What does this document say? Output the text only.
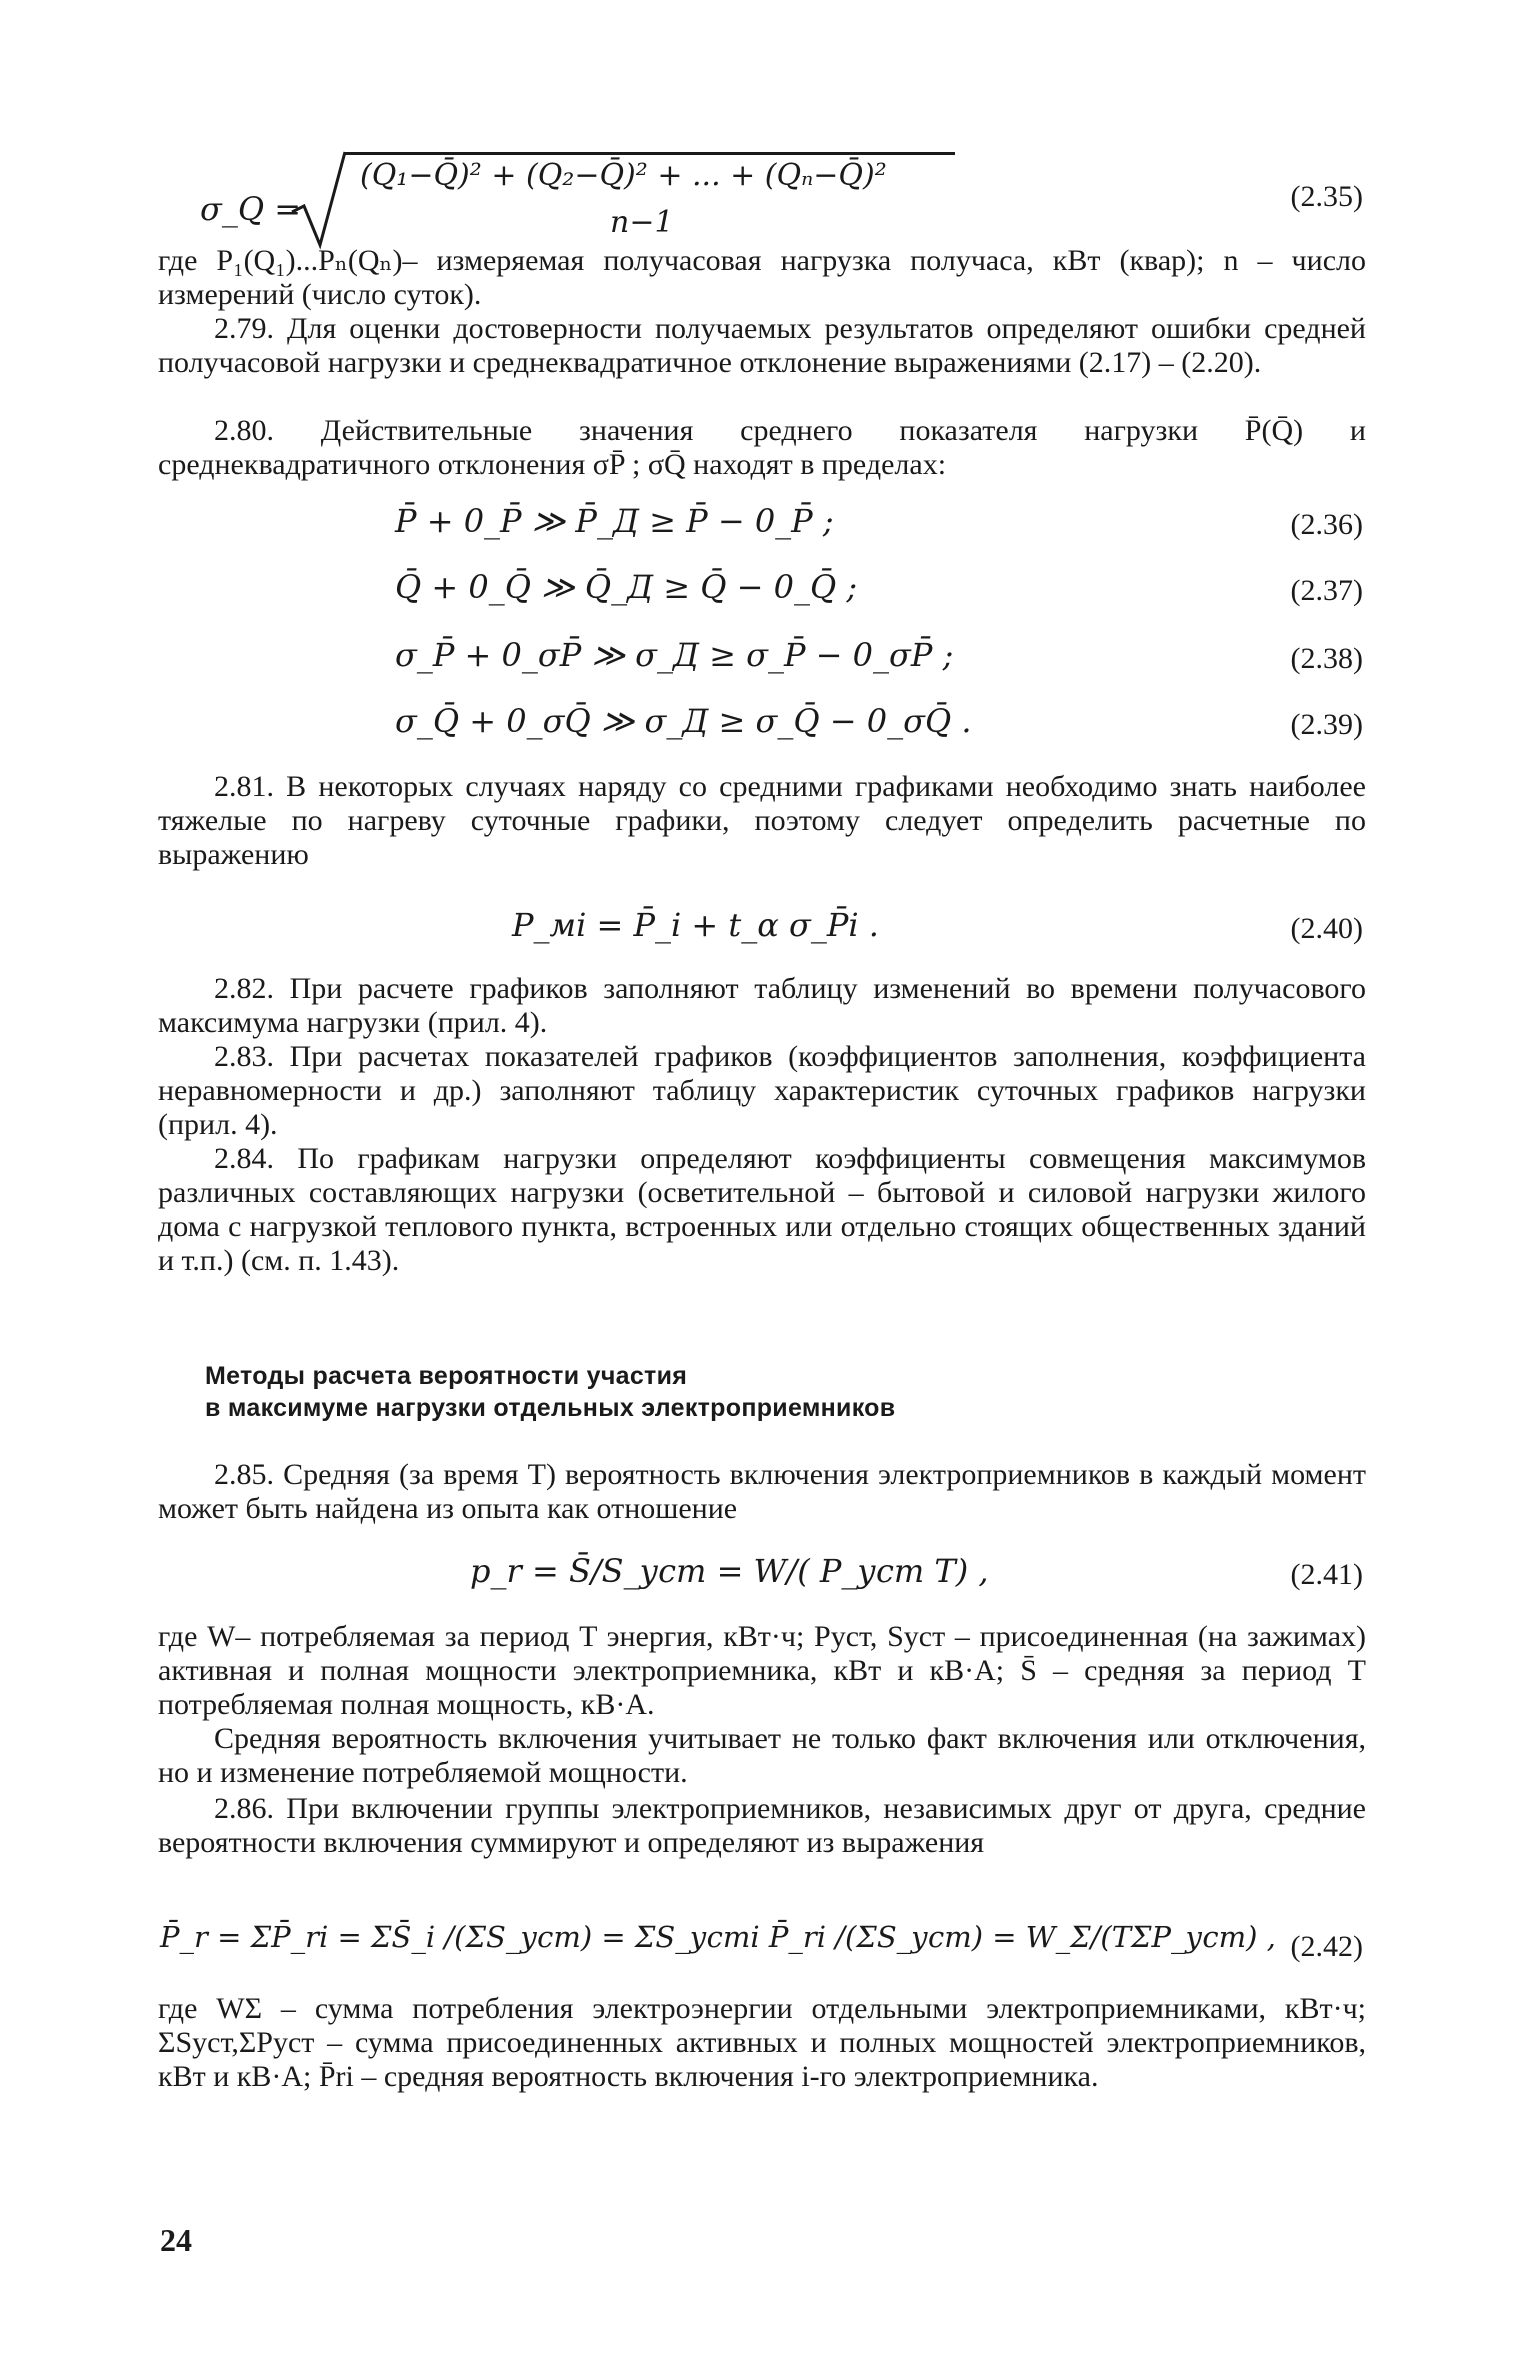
σ_Q =
(Q₁−Q̄)² + (Q₂−Q̄)² + ... + (Qₙ−Q̄)²
n−1
(2.35)
где P₁(Q₁)...Pₙ(Qₙ)– измеряемая получасовая нагрузка получаса, кВт (квар); n – число измерений (число суток).
2.79. Для оценки достоверности получаемых результатов определяют ошибки средней получасовой нагрузки и среднеквадратичное отклонение выражениями (2.17) – (2.20).
2.80. Действительные значения среднего показателя нагрузки P̄(Q̄) и среднеквадратичного отклонения σP̄ ; σQ̄ находят в пределах:
P̄ + 0_P̄ ≫ P̄_Д ≥ P̄ − 0_P̄ ;	(2.36)
Q̄ + 0_Q̄ ≫ Q̄_Д ≥ Q̄ − 0_Q̄ ;	(2.37)
σ_P̄ + 0_σP̄ ≫ σ_Д ≥ σ_P̄ − 0_σP̄ ;	(2.38)
σ_Q̄ + 0_σQ̄ ≫ σ_Д ≥ σ_Q̄ − 0_σQ̄ .	(2.39)
2.81. В некоторых случаях наряду со средними графиками необходимо знать наиболее тяжелые по нагреву суточные графики, поэтому следует определить расчетные по выражению
P_мi = P̄_i + t_α σ_P̄i .	(2.40)
2.82. При расчете графиков заполняют таблицу изменений во времени получасового максимума нагрузки (прил. 4).
2.83. При расчетах показателей графиков (коэффициентов заполнения, коэффициента неравномерности и др.) заполняют таблицу характеристик суточных графиков нагрузки (прил. 4).
2.84. По графикам нагрузки определяют коэффициенты совмещения максимумов различных составляющих нагрузки (осветительной – бытовой и силовой нагрузки жилого дома с нагрузкой теплового пункта, встроенных или отдельно стоящих общественных зданий и т.п.) (см. п. 1.43).
Методы расчета вероятности участия
в максимуме нагрузки отдельных электроприемников
2.85. Средняя (за время T) вероятность включения электроприемников в каждый момент может быть найдена из опыта как отношение
p_r = S̄/S_уст = W/( P_уст T) ,	(2.41)
где W– потребляемая за период T энергия, кВт·ч; Pуст, Sуст – присоединенная (на зажимах) активная и полная мощности электроприемника, кВт и кВ·А; S̄ – средняя за период T потребляемая полная мощность, кВ·А.
Средняя вероятность включения учитывает не только факт включения или отключения, но и изменение потребляемой мощности.
2.86. При включении группы электроприемников, независимых друг от друга, средние вероятности включения суммируют и определяют из выражения
P̄_r = ΣP̄_ri = ΣS̄_i /(ΣS_уст) = ΣS_устi P̄_ri /(ΣS_уст) = W_Σ/(TΣP_уст) , (2.42)
где WΣ – сумма потребления электроэнергии отдельными электроприемниками, кВт·ч; ΣSуст,ΣPуст – сумма присоединенных активных и полных мощностей электроприемников, кВт и кВ·А; P̄ri – средняя вероятность включения i-го электроприемника.
24
